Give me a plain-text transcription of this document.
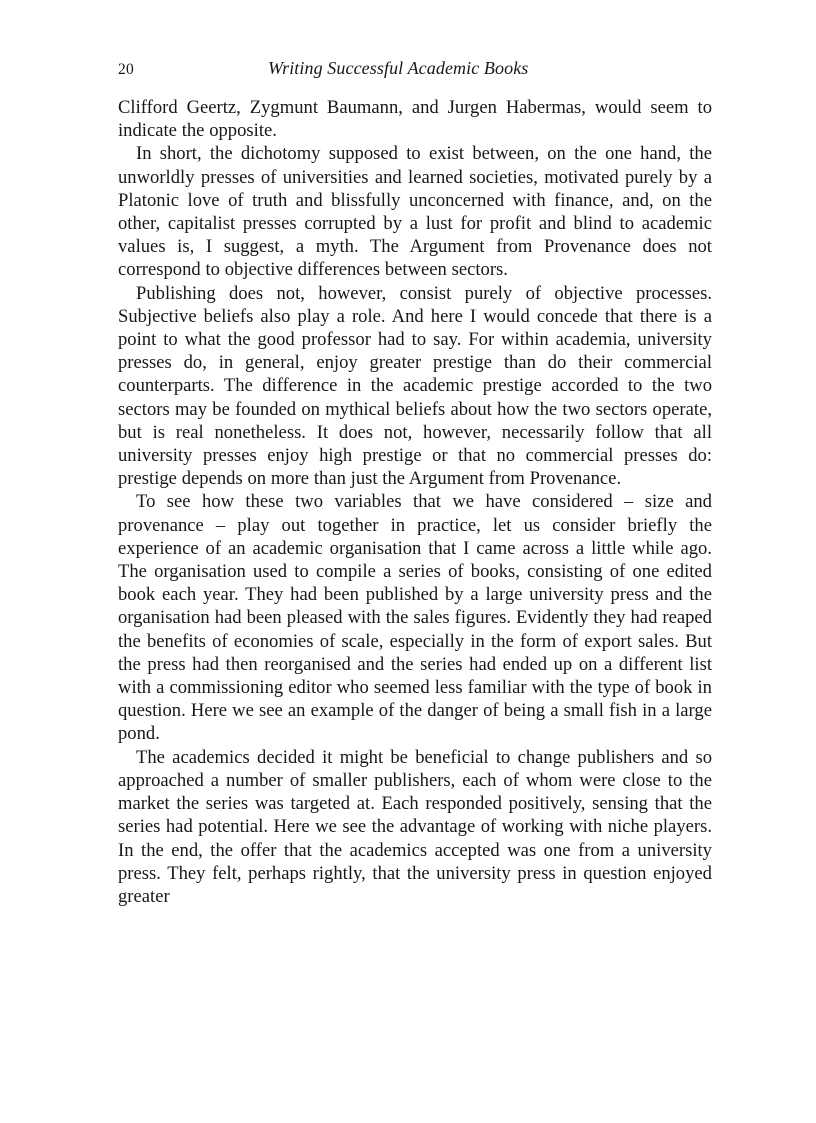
20	Writing Successful Academic Books

Clifford Geertz, Zygmunt Baumann, and Jurgen Habermas, would seem to indicate the opposite.

In short, the dichotomy supposed to exist between, on the one hand, the unworldly presses of universities and learned societies, motivated purely by a Platonic love of truth and blissfully unconcerned with finance, and, on the other, capitalist presses corrupted by a lust for profit and blind to academic values is, I suggest, a myth. The Argument from Provenance does not correspond to objective differences between sectors.

Publishing does not, however, consist purely of objective processes. Subjective beliefs also play a role. And here I would concede that there is a point to what the good professor had to say. For within academia, university presses do, in general, enjoy greater prestige than do their commercial counterparts. The difference in the academic prestige accorded to the two sectors may be founded on mythical beliefs about how the two sectors operate, but is real nonetheless. It does not, however, necessarily follow that all university presses enjoy high prestige or that no commercial presses do: prestige depends on more than just the Argument from Provenance.

To see how these two variables that we have considered – size and provenance – play out together in practice, let us consider briefly the experience of an academic organisation that I came across a little while ago. The organisation used to compile a series of books, consisting of one edited book each year. They had been published by a large university press and the organisation had been pleased with the sales figures. Evidently they had reaped the benefits of economies of scale, especially in the form of export sales. But the press had then reorganised and the series had ended up on a different list with a commissioning editor who seemed less familiar with the type of book in question. Here we see an example of the danger of being a small fish in a large pond.

The academics decided it might be beneficial to change publishers and so approached a number of smaller publishers, each of whom were close to the market the series was targeted at. Each responded positively, sensing that the series had potential. Here we see the advantage of working with niche players. In the end, the offer that the academics accepted was one from a university press. They felt, perhaps rightly, that the university press in question enjoyed greater
